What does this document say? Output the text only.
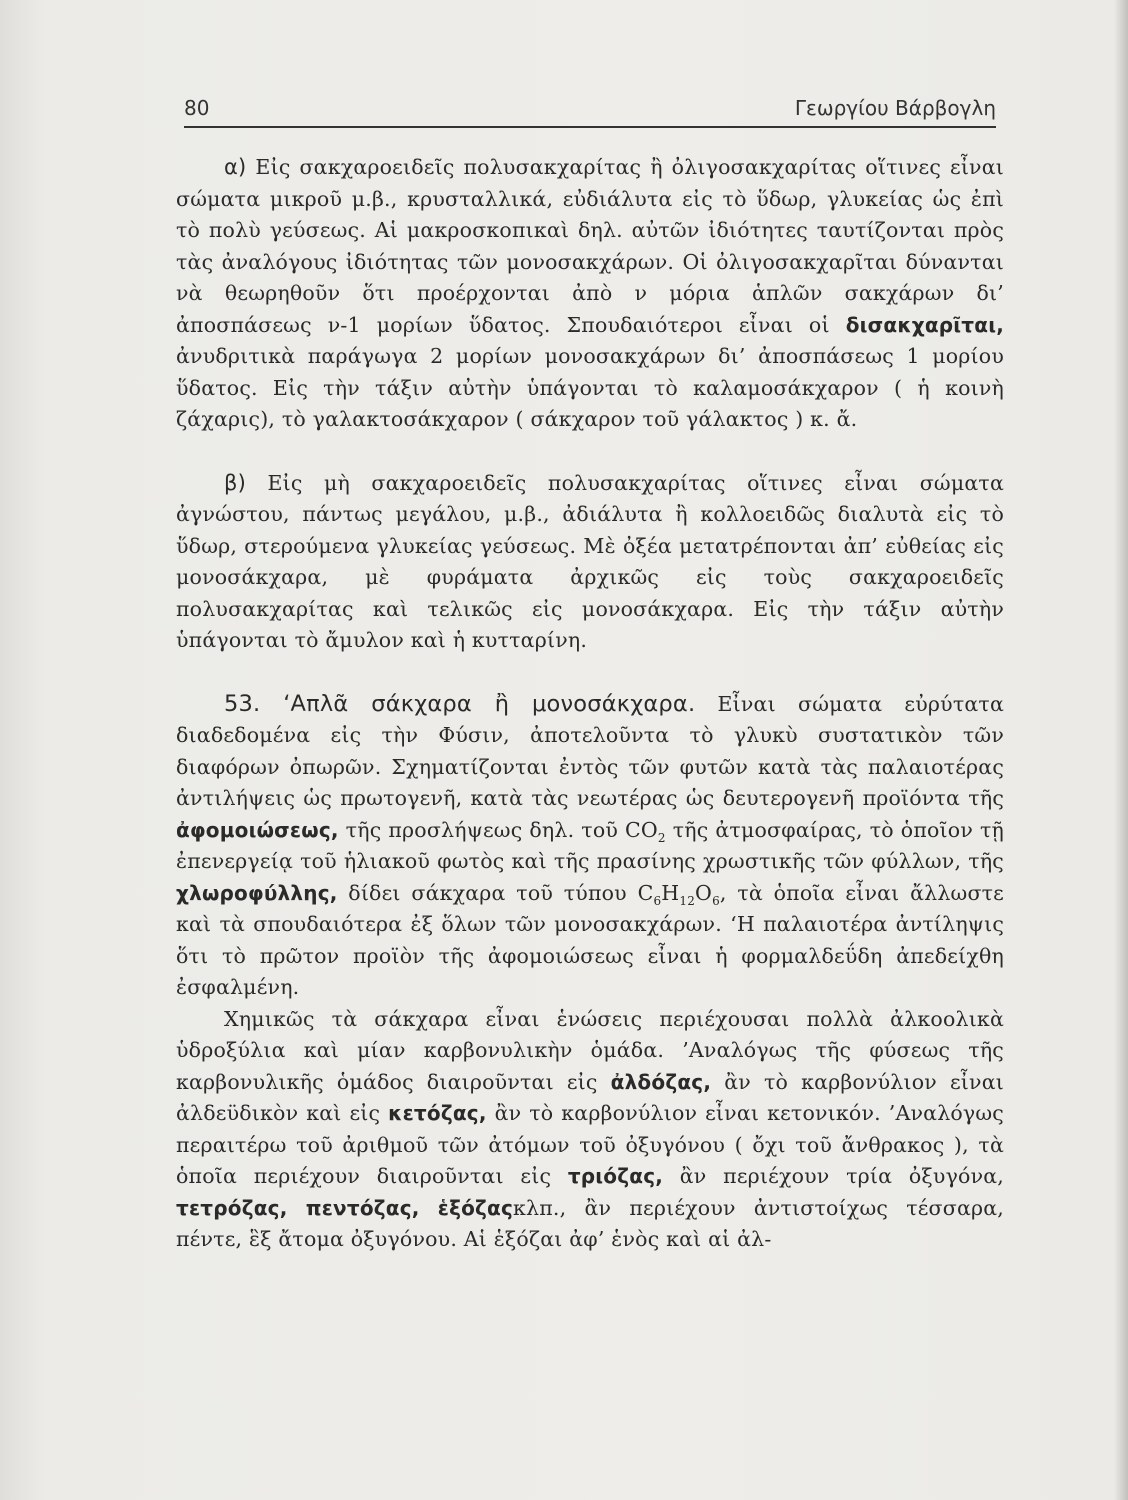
80	Γεωργίου Βάρβογλη

α) Εἰς σακχαροειδεῖς πολυσακχαρίτας ἢ ὀλιγοσακχαρίτας οἵτινες εἶναι σώματα μικροῦ μ.β., κρυσταλλικά, εὐδιάλυτα εἰς τὸ ὕδωρ, γλυκείας ὡς ἐπὶ τὸ πολὺ γεύσεως. Αἱ μακροσκοπικαὶ δηλ. αὐτῶν ἰδιότητες ταυτίζονται πρὸς τὰς ἀναλόγους ἰδιότητας τῶν μονοσακχάρων. Οἱ ὀλιγοσακχαρῖται δύνανται νὰ θεωρηθοῦν ὅτι προέρχονται ἀπὸ ν μόρια ἁπλῶν σακχάρων δι’ ἀποσπάσεως ν-1 μορίων ὕδατος. Σπουδαιότεροι εἶναι οἱ δισακχαρῖται, ἀνυδριτικὰ παράγωγα 2 μορίων μονοσακχάρων δι’ ἀποσπάσεως 1 μορίου ὕδατος. Εἰς τὴν τάξιν αὐτὴν ὑπάγονται τὸ καλαμοσάκχαρον ( ἡ κοινὴ ζάχαρις), τὸ γαλακτοσάκχαρον ( σάκχαρον τοῦ γάλακτος ) κ. ἄ.

β) Εἰς μὴ σακχαροειδεῖς πολυσακχαρίτας οἵτινες εἶναι σώματα ἀγνώστου, πάντως μεγάλου, μ.β., ἀδιάλυτα ἢ κολλοειδῶς διαλυτὰ εἰς τὸ ὕδωρ, στερούμενα γλυκείας γεύσεως. Μὲ ὀξέα μετατρέπονται ἀπ’ εὐθείας εἰς μονοσάκχαρα, μὲ φυράματα ἀρχικῶς εἰς τοὺς σακχαροειδεῖς πολυσακχαρίτας καὶ τελικῶς εἰς μονοσάκχαρα. Εἰς τὴν τάξιν αὐτὴν ὑπάγονται τὸ ἄμυλον καὶ ἡ κυτταρίνη.

53. ‘Απλᾶ σάκχαρα ἢ μονοσάκχαρα. Εἶναι σώματα εὐρύτατα διαδεδομένα εἰς τὴν Φύσιν, ἀποτελοῦντα τὸ γλυκὺ συστατικὸν τῶν διαφόρων ὀπωρῶν. Σχηματίζονται ἐντὸς τῶν φυτῶν κατὰ τὰς παλαιοτέρας ἀντιλήψεις ὡς πρωτογενῆ, κατὰ τὰς νεωτέρας ὡς δευτερογενῆ προϊόντα τῆς ἀφομοιώσεως, τῆς προσλήψεως δηλ. τοῦ $CO_2$ τῆς ἀτμοσφαίρας, τὸ ὁποῖον τῇ ἐπενεργείᾳ τοῦ ἡλιακοῦ φωτὸς καὶ τῆς πρασίνης χρωστικῆς τῶν φύλλων, τῆς χλωροφύλλης, δίδει σάκχαρα τοῦ τύπου $C_6H_{12}O_6$, τὰ ὁποῖα εἶναι ἄλλωστε καὶ τὰ σπουδαιότερα ἐξ ὅλων τῶν μονοσακχάρων. ‘Η παλαιοτέρα ἀντίληψις ὅτι τὸ πρῶτον προϊὸν τῆς ἀφομοιώσεως εἶναι ἡ φορμαλδεΰδη ἀπεδείχθη ἐσφαλμένη.

Χημικῶς τὰ σάκχαρα εἶναι ἑνώσεις περιέχουσαι πολλὰ ἀλκοολικὰ ὑδροξύλια καὶ μίαν καρβονυλικὴν ὁμάδα. ’Αναλόγως τῆς φύσεως τῆς καρβονυλικῆς ὁμάδος διαιροῦνται εἰς ἀλδόζας, ἂν τὸ καρβονύλιον εἶναι ἀλδεϋδικὸν καὶ εἰς κετόζας, ἂν τὸ καρβονύλιον εἶναι κετονικόν. ’Αναλόγως περαιτέρω τοῦ ἀριθμοῦ τῶν ἀτόμων τοῦ ὀξυγόνου ( ὄχι τοῦ ἄνθρακος ), τὰ ὁποῖα περιέχουν διαιροῦνται εἰς τριόζας, ἂν περιέχουν τρία ὀξυγόνα, τετρόζας, πεντόζας, ἑξόζαςκλπ., ἂν περιέχουν ἀντιστοίχως τέσσαρα, πέντε, ἓξ ἄτομα ὀξυγόνου. Αἱ ἑξόζαι ἀφ’ ἑνὸς καὶ αἱ ἀλ-
